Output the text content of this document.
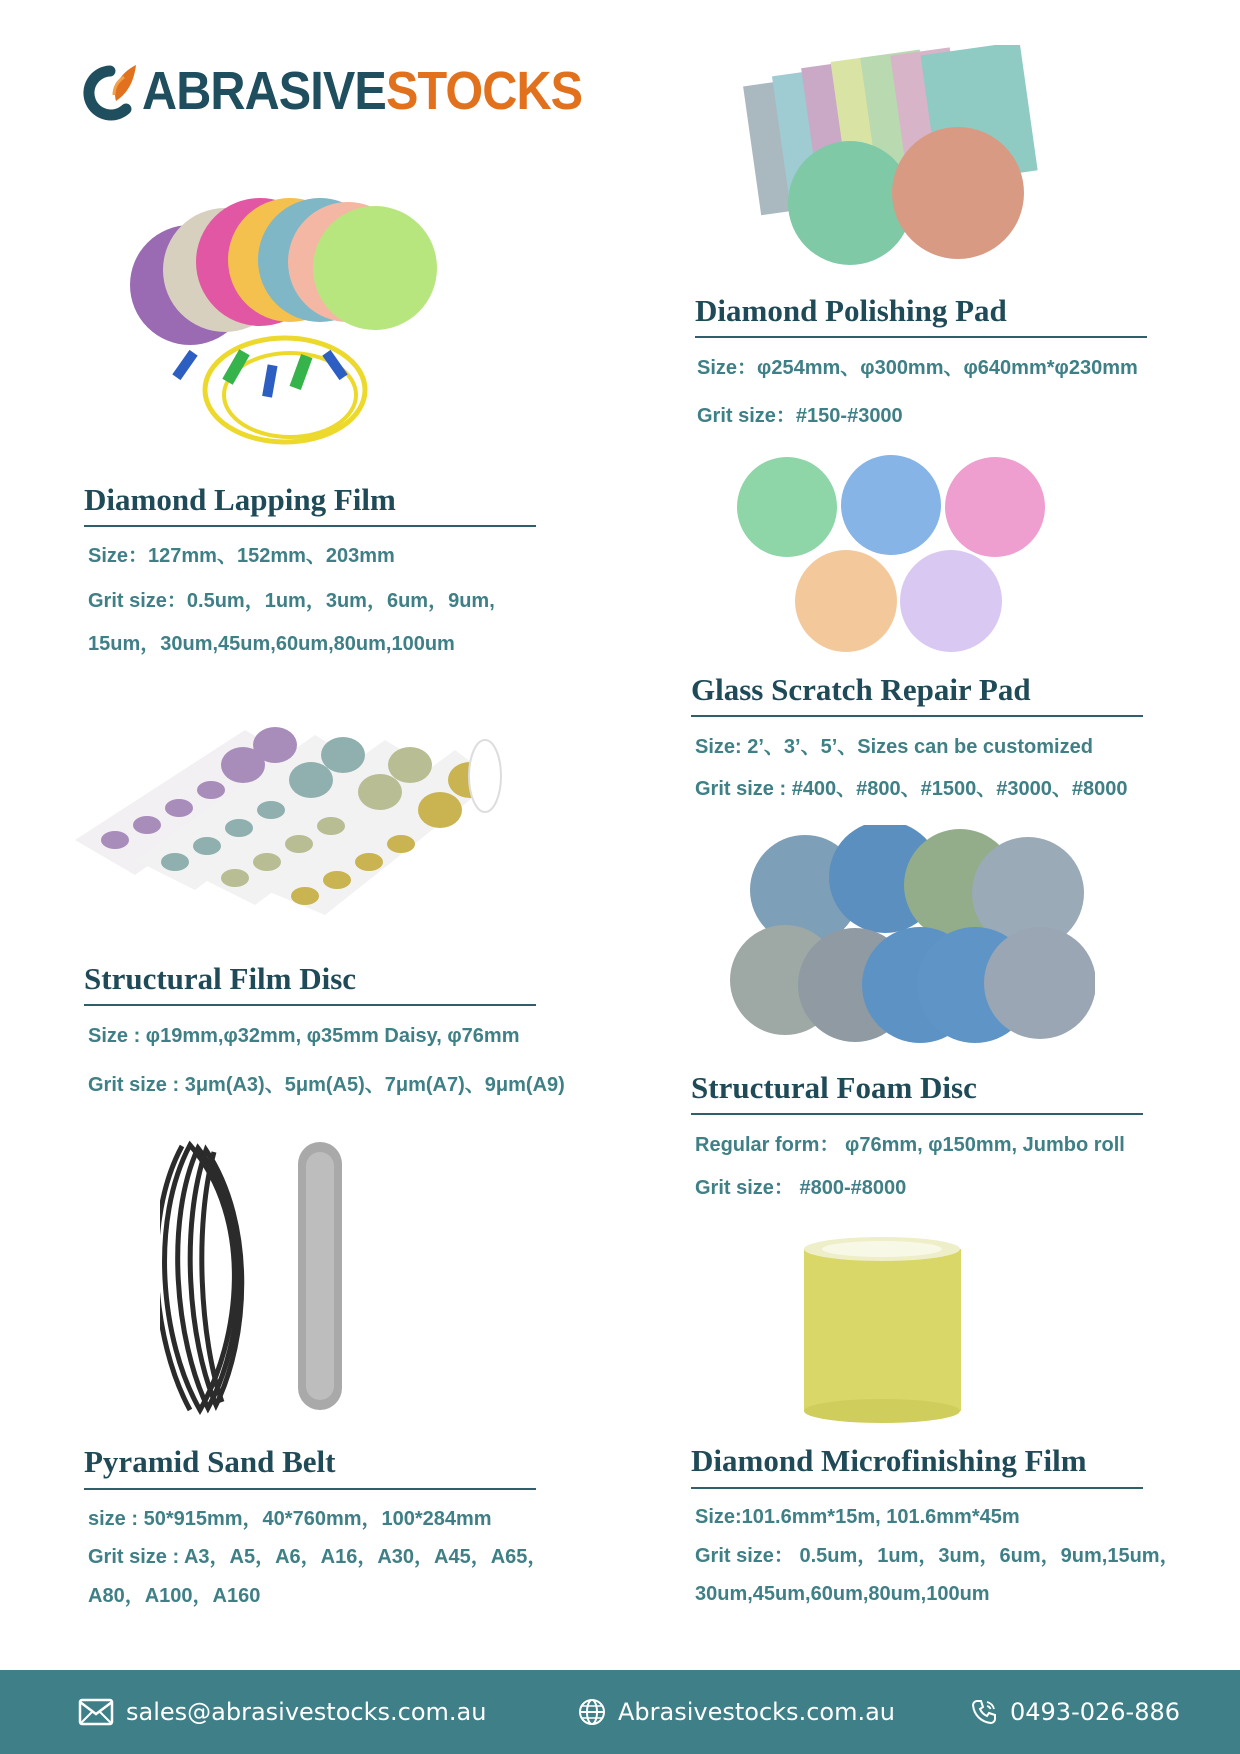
ABRASIVESTOCKS
Diamond Polishing Pad
Size：φ254mm、φ300mm、φ640mm*φ230mm
Grit size：#150-#3000
Diamond Lapping Film
Size：127mm、152mm、203mm
Grit size：0.5um，1um，3um，6um，9um,
15um，30um,45um,60um,80um,100um
Glass Scratch Repair Pad
Size: 2’、3’、5’、Sizes can be customized
Grit size : #400、#800、#1500、#3000、#8000
Structural Film Disc
Size : φ19mm,φ32mm, φ35mm Daisy, φ76mm
Grit size : 3μm(A3)、5μm(A5)、7μm(A7)、9μm(A9)	Structural Foam Disc
Regular form： φ76mm, φ150mm, Jumbo roll
Grit size： #800-#8000
Pyramid Sand Belt
size : 50*915mm，40*760mm，100*284mm
Grit size : A3，A5，A6，A16，A30，A45，A65，
A80，A100，A160
Diamond Microfinishing Film
Size:101.6mm*15m, 101.6mm*45m
Grit size： 0.5um，1um，3um，6um，9um,15um，
30um,45um,60um,80um,100um
sales@abrasivestocks.com.au	Abrasivestocks.com.au	0493-026-886
